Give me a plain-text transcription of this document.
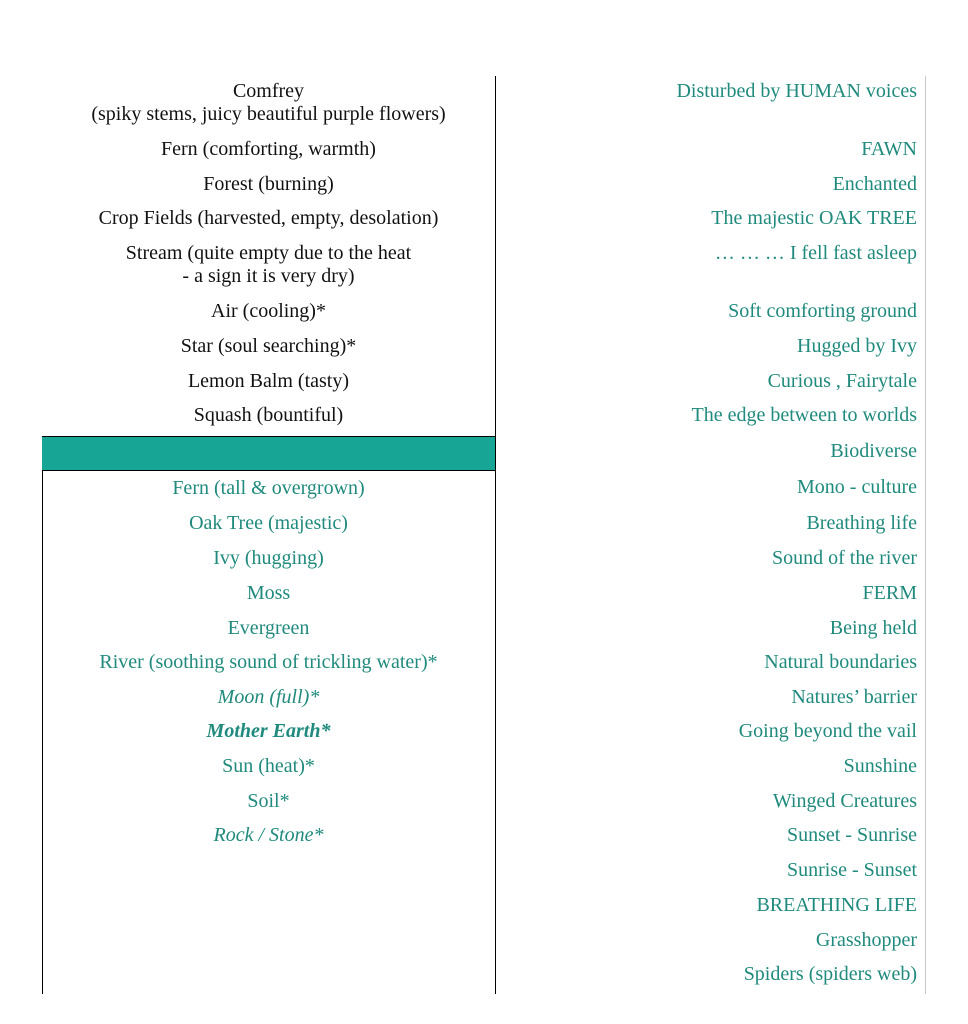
Comfrey
(spiky stems, juicy beautiful purple flowers)
Fern (comforting, warmth)
Forest (burning)
Crop Fields (harvested, empty, desolation)
Stream (quite empty due to the heat
- a sign it is very dry)
Air (cooling)*
Star (soul searching)*
Lemon Balm (tasty)
Squash (bountiful)
Fern (tall & overgrown)
Oak Tree (majestic)
Ivy (hugging)
Moss
Evergreen
River (soothing sound of trickling water)*
Moon (full)*
Mother Earth*
Sun (heat)*
Soil*
Rock / Stone*
Disturbed by HUMAN voices
FAWN
Enchanted
The majestic OAK TREE
… … … I fell fast asleep
Soft comforting ground
Hugged by Ivy
Curious , Fairytale
The edge between to worlds
Biodiverse
Mono - culture
Breathing life
Sound of the river
FERM
Being held
Natural boundaries
Natures’ barrier
Going beyond the vail
Sunshine
Winged Creatures
Sunset - Sunrise
Sunrise - Sunset
BREATHING LIFE
Grasshopper
Spiders (spiders web)
